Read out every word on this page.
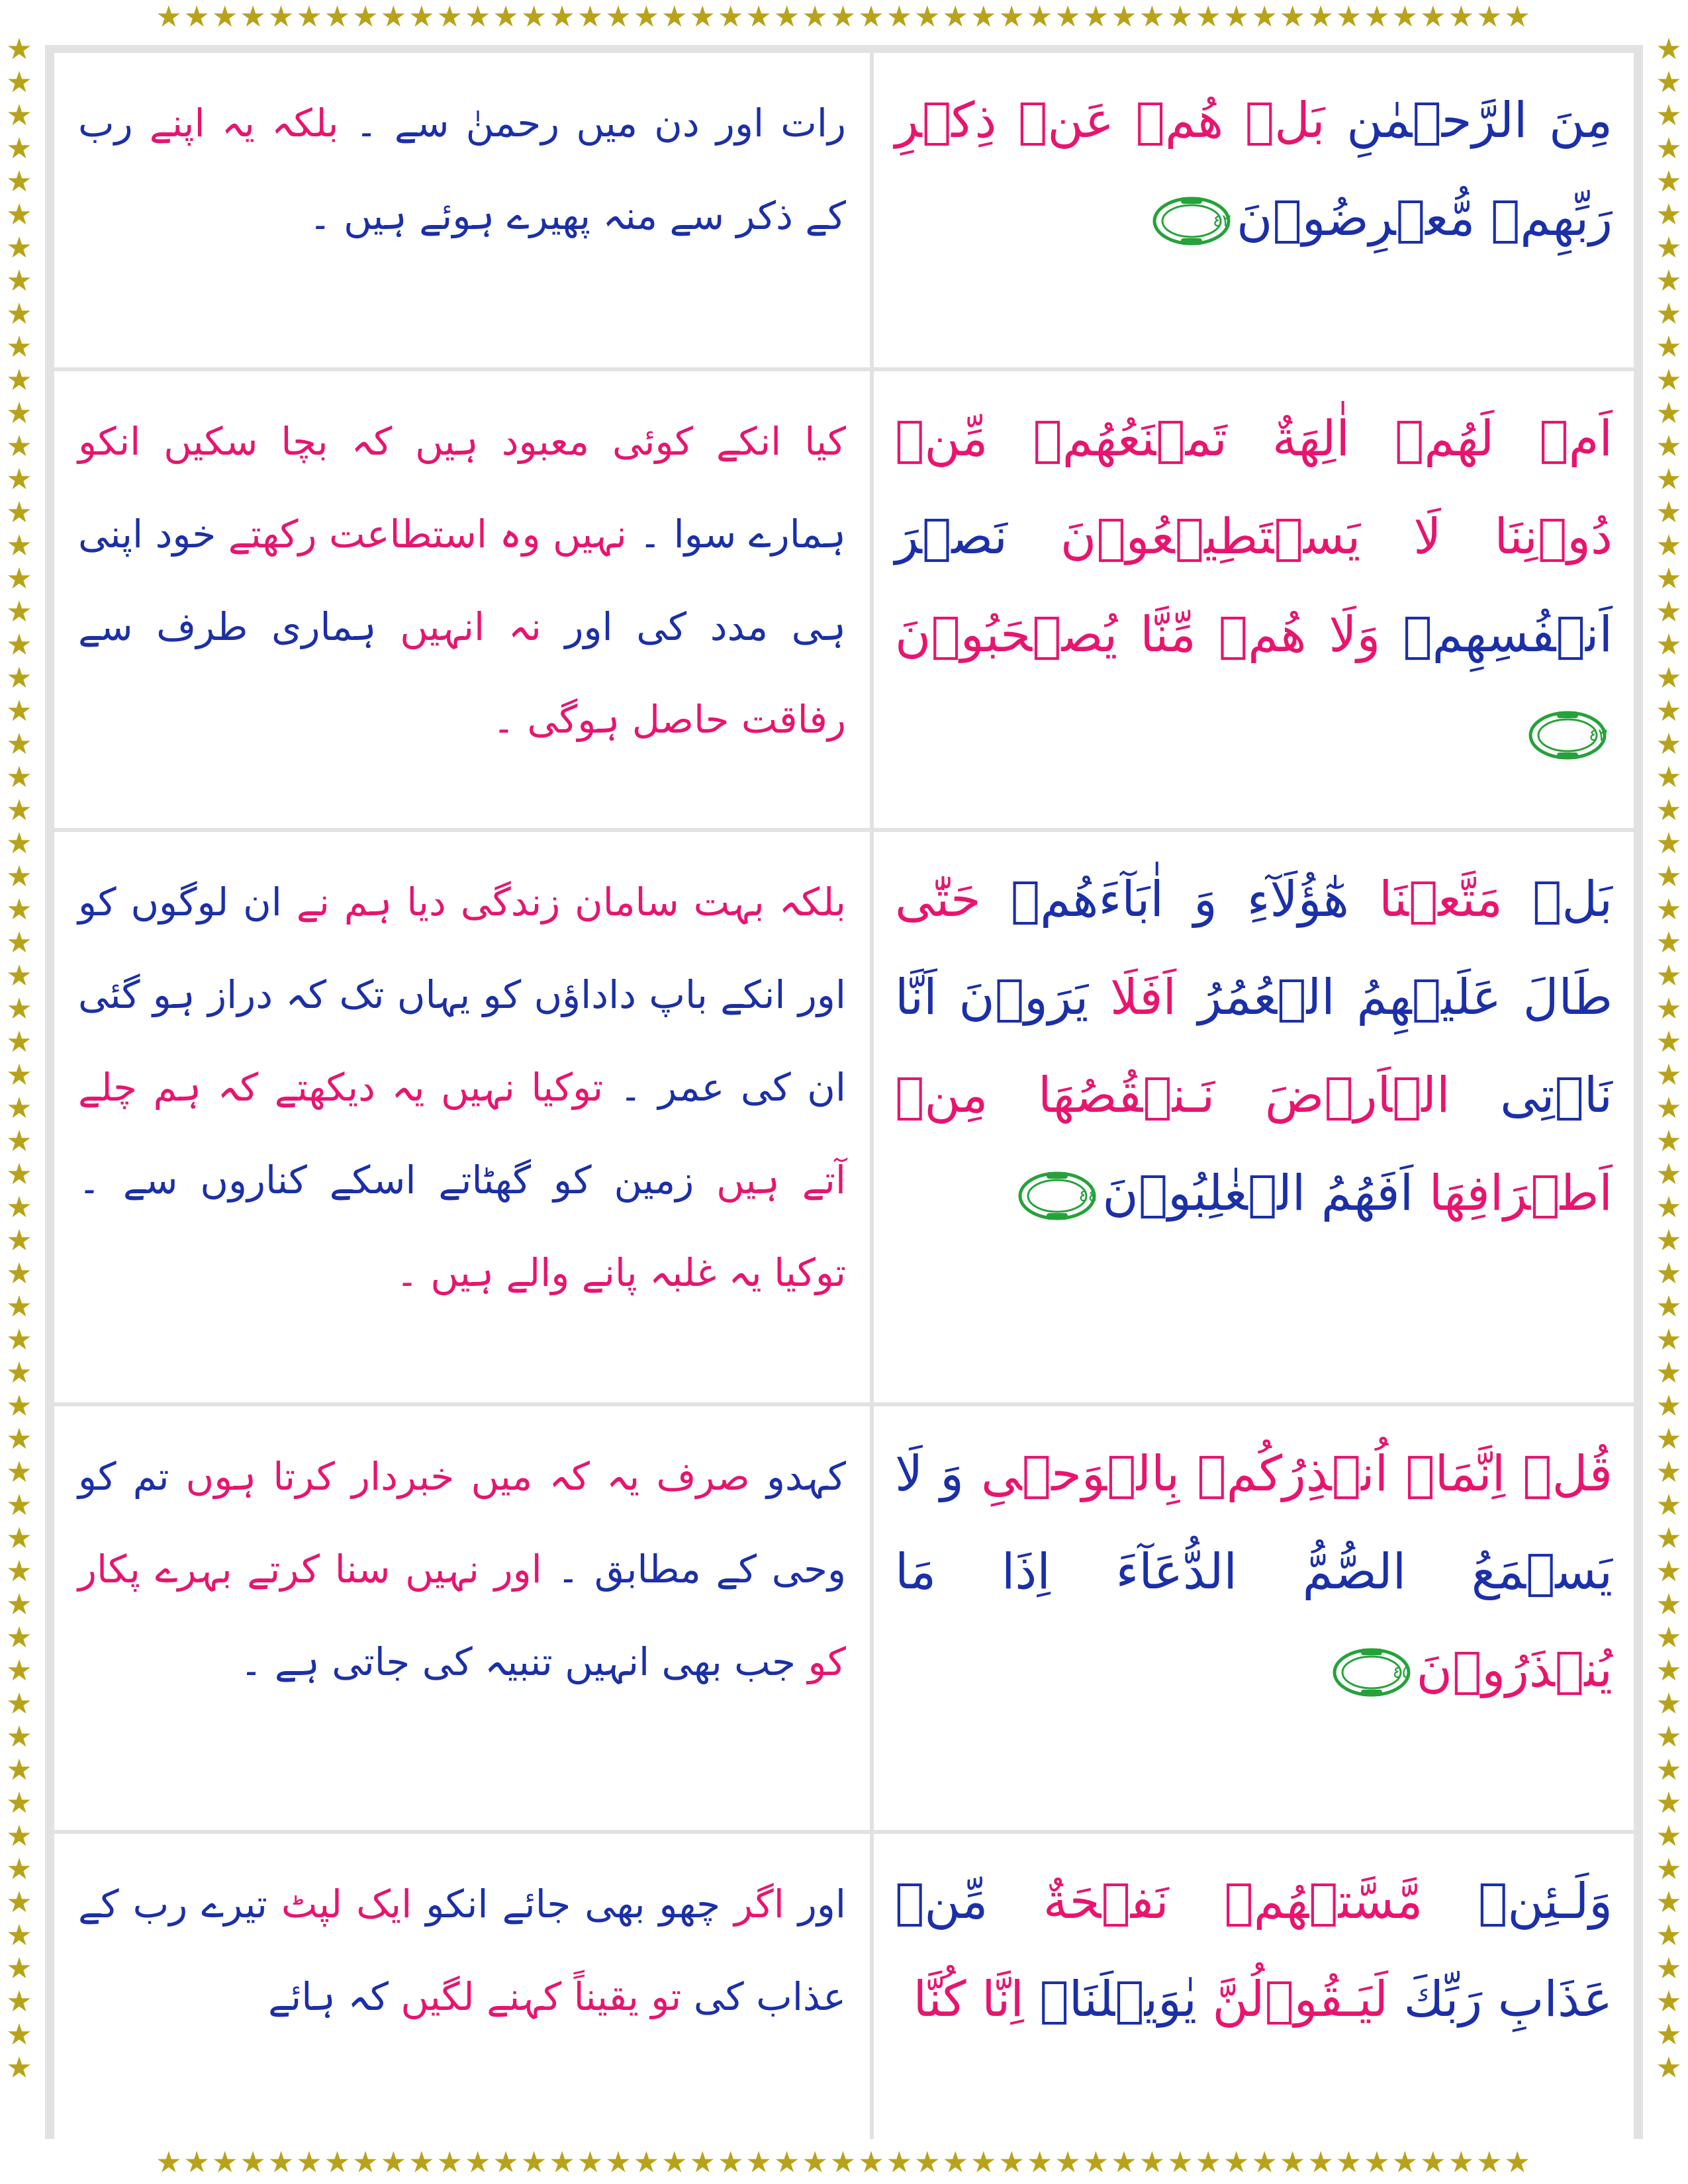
★★★★★★★★★★★★★★★★★★★★★★★★★★★★★★★★★★★★★★★★★★★★★★★★★
★★★★★★★★★★★★★★★★★★★★★★★★★★★★★★★★★★★★★★★★★★★★★★★★★
★★★★★★★★★★★★★★★★★★★★★★★★★★★★★★★★★★★★★★★★★★★★★★★★★★★★★★★★★★★★★★
★★★★★★★★★★★★★★★★★★★★★★★★★★★★★★★★★★★★★★★★★★★★★★★★★★★★★★★★★★★★★★
مِنَ الرَّحۡمٰنِ بَلۡ هُمۡ عَنۡ ذِكۡرِ رَبِّهِمۡ مُّعۡرِضُوۡنَ
٤٢
رات اور دن میں رحمنٰ سے ۔ بلکہ یہ اپنے رب کے ذکر سے منہ پھیرے ہوئے ہیں ۔
اَمۡ لَهُمۡ اٰلِهَةٌ تَمۡنَعُهُمۡ مِّنۡ دُوۡنِنَا لَا يَسۡتَطِيۡعُوۡنَ نَصۡرَ اَنۡفُسِهِمۡ وَلَا هُمۡ مِّنَّا يُصۡحَبُوۡنَ
٤٣
کیا انکے کوئی معبود ہیں کہ بچا سکیں انکو ہمارے سوا ۔ نہیں وہ استطاعت رکھتے خود اپنی ہی مدد کی اور نہ انہیں ہماری طرف سے رفاقت حاصل ہوگی ۔
بَلۡ مَتَّعۡنَا هٰٓؤُلَآءِ وَ اٰبَآءَهُمۡ حَتّٰى طَالَ عَلَيۡهِمُ الۡعُمُرُ اَفَلَا يَرَوۡنَ اَنَّا نَاۡتِى الۡاَرۡضَ نَـنۡقُصُهَا مِنۡ اَطۡرَافِهَا اَفَهُمُ الۡغٰلِبُوۡنَ
٤٤
بلکہ بہت سامان زندگی دیا ہم نے ان لوگوں کو اور انکے باپ داداؤں کو یہاں تک کہ دراز ہو گئی ان کی عمر ۔ توکیا نہیں یہ دیکھتے کہ ہم چلے آتے ہیں زمین کو گھٹاتے اسکے کناروں سے ۔ توکیا یہ غلبہ پانے والے ہیں ۔
قُلۡ اِنَّمَاۤ اُنۡذِرُكُمۡ بِالۡوَحۡىِ وَ لَا يَسۡمَعُ الصُّمُّ الدُّعَآءَ اِذَا مَا يُنۡذَرُوۡنَ
٤٥
کہدو صرف یہ کہ میں خبردار کرتا ہوں تم کو وحی کے مطابق ۔ اور نہیں سنا کرتے بہرے پکار کو جب بھی انہیں تنبیہ کی جاتی ہے ۔
وَلَـئِنۡ مَّسَّتۡهُمۡ نَفۡحَةٌ مِّنۡ عَذَابِ رَبِّكَ لَيَـقُوۡلُنَّ يٰوَيۡلَنَاۤ اِنَّا كُنَّا
اور اگر چھو بھی جائے انکو ایک لپٹ تیرے رب کے عذاب کی تو یقیناً کہنے لگیں کہ ہائے
